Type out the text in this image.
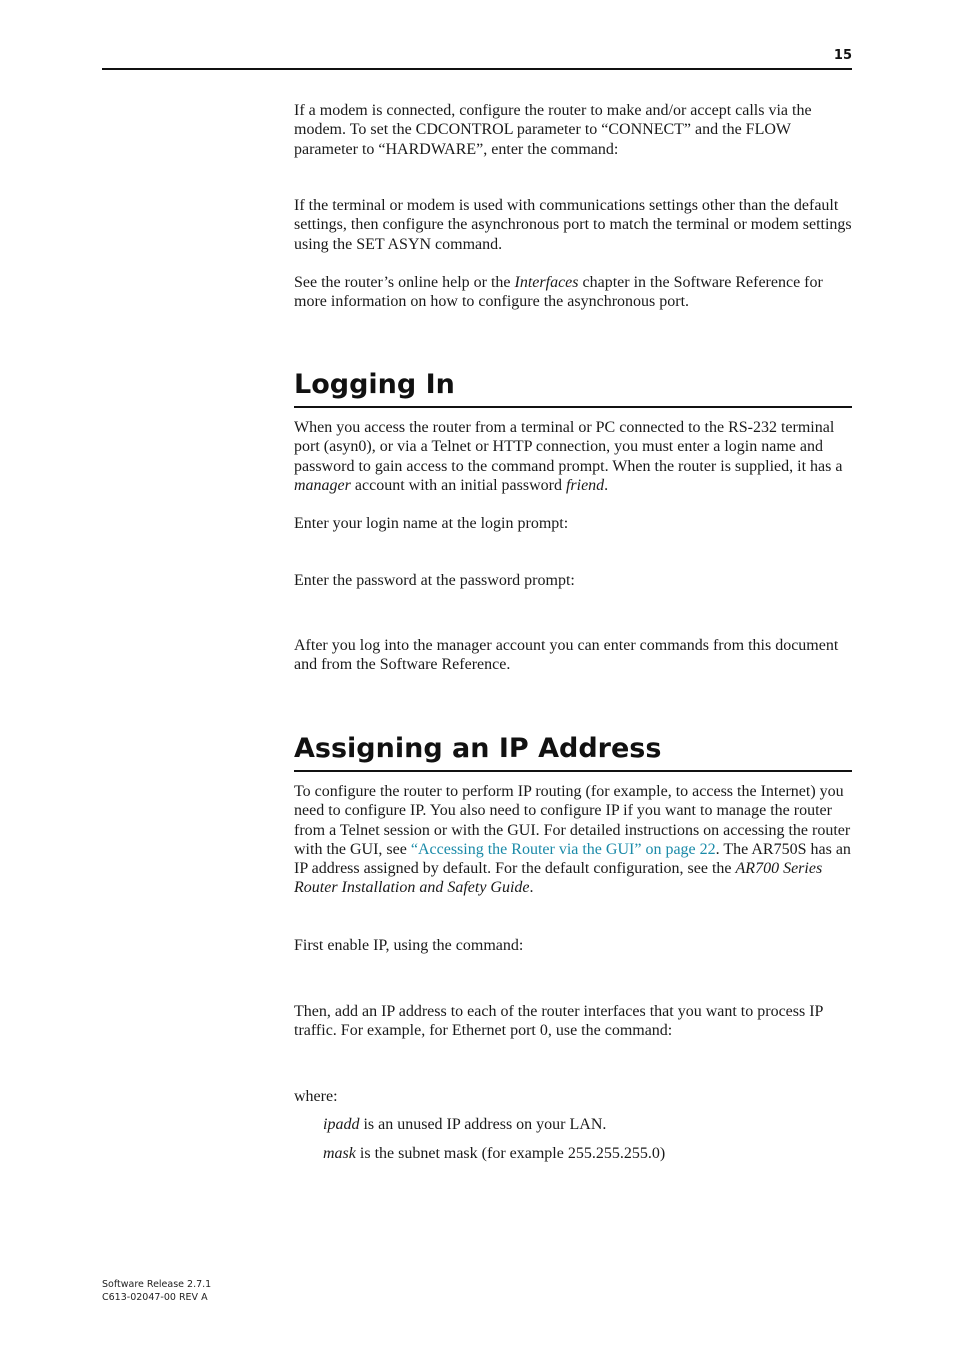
15

If a modem is connected, configure the router to make and/or accept calls via the modem. To set the CDCONTROL parameter to “CONNECT” and the FLOW parameter to “HARDWARE”, enter the command:

If the terminal or modem is used with communications settings other than the default settings, then configure the asynchronous port to match the terminal or modem settings using the SET ASYN command.

See the router’s online help or the Interfaces chapter in the Software Reference for more information on how to configure the asynchronous port.

Logging In

When you access the router from a terminal or PC connected to the RS-232 terminal port (asyn0), or via a Telnet or HTTP connection, you must enter a login name and password to gain access to the command prompt. When the router is supplied, it has a manager account with an initial password friend.

Enter your login name at the login prompt:

Enter the password at the password prompt:

After you log into the manager account you can enter commands from this document and from the Software Reference.

Assigning an IP Address

To configure the router to perform IP routing (for example, to access the Internet) you need to configure IP. You also need to configure IP if you want to manage the router from a Telnet session or with the GUI. For detailed instructions on accessing the router with the GUI, see “Accessing the Router via the GUI” on page 22. The AR750S has an IP address assigned by default. For the default configuration, see the AR700 Series Router Installation and Safety Guide.

First enable IP, using the command:

Then, add an IP address to each of the router interfaces that you want to process IP traffic. For example, for Ethernet port 0, use the command:

where:

ipadd is an unused IP address on your LAN.

mask is the subnet mask (for example 255.255.255.0)

Software Release 2.7.1
C613-02047-00 REV A
